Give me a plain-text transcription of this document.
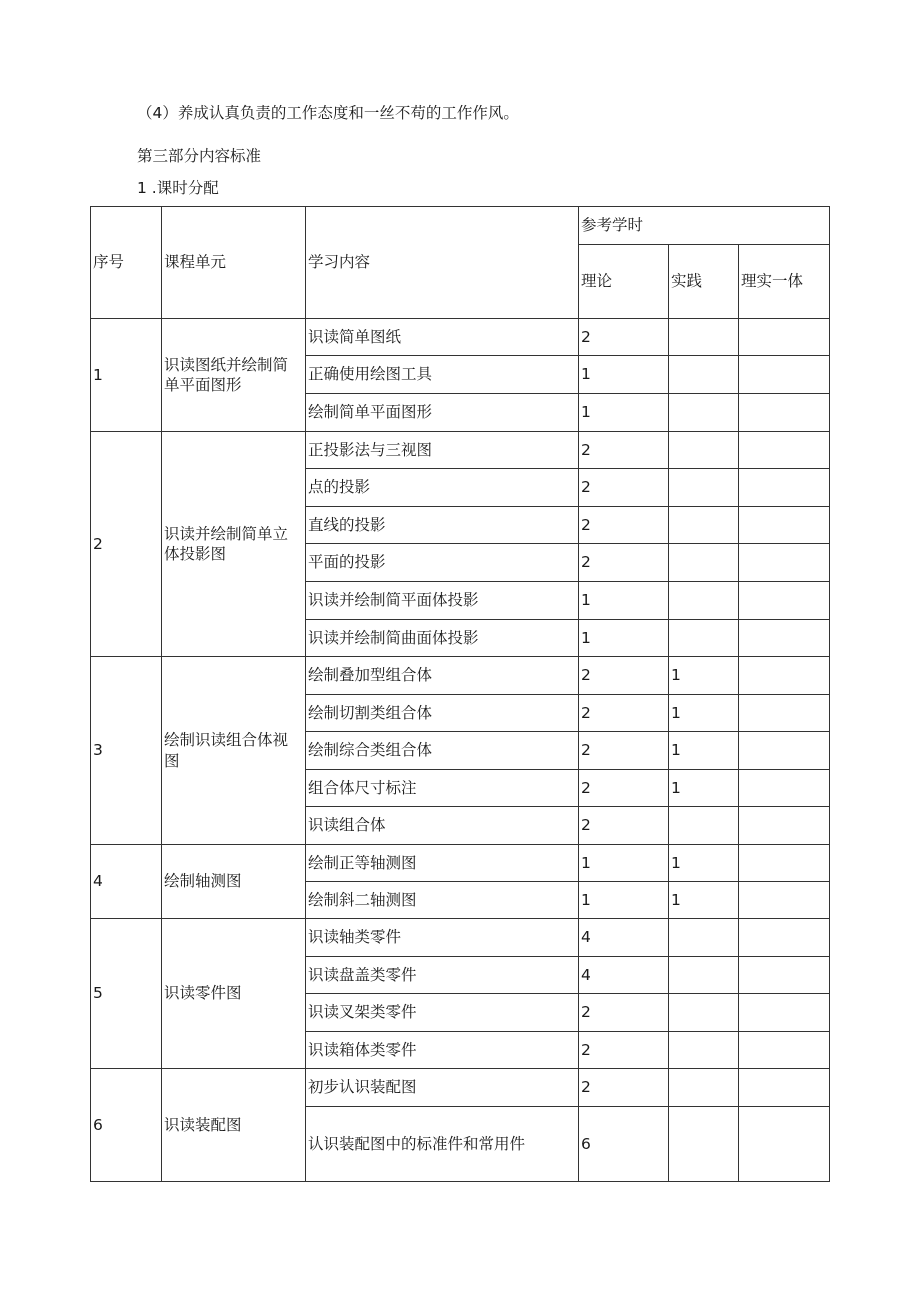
（4）养成认真负责的工作态度和一丝不苟的工作作风。
第三部分内容标准
1 .课时分配
序号	课程单元	学习内容	参考学时		
			理论	实践	理实一体
1	识读图纸并绘制简单平面图形	识读简单图纸	2		
		正确使用绘图工具	1		
		绘制简单平面图形	1		
2	识读并绘制简单立体投影图	正投影法与三视图	2		
		点的投影	2		
		直线的投影	2		
		平面的投影	2		
		识读并绘制简平面体投影	1		
		识读并绘制简曲面体投影	1		
3	绘制识读组合体视图	绘制叠加型组合体	2	1	
		绘制切割类组合体	2	1	
		绘制综合类组合体	2	1	
		组合体尺寸标注	2	1	
		识读组合体	2		
4	绘制轴测图	绘制正等轴测图	1	1	
		绘制斜二轴测图	1	1	
5	识读零件图	识读轴类零件	4		
		识读盘盖类零件	4		
		识读叉架类零件	2		
		识读箱体类零件	2		
6	识读装配图	初步认识装配图	2		
		认识装配图中的标准件和常用件	6		
